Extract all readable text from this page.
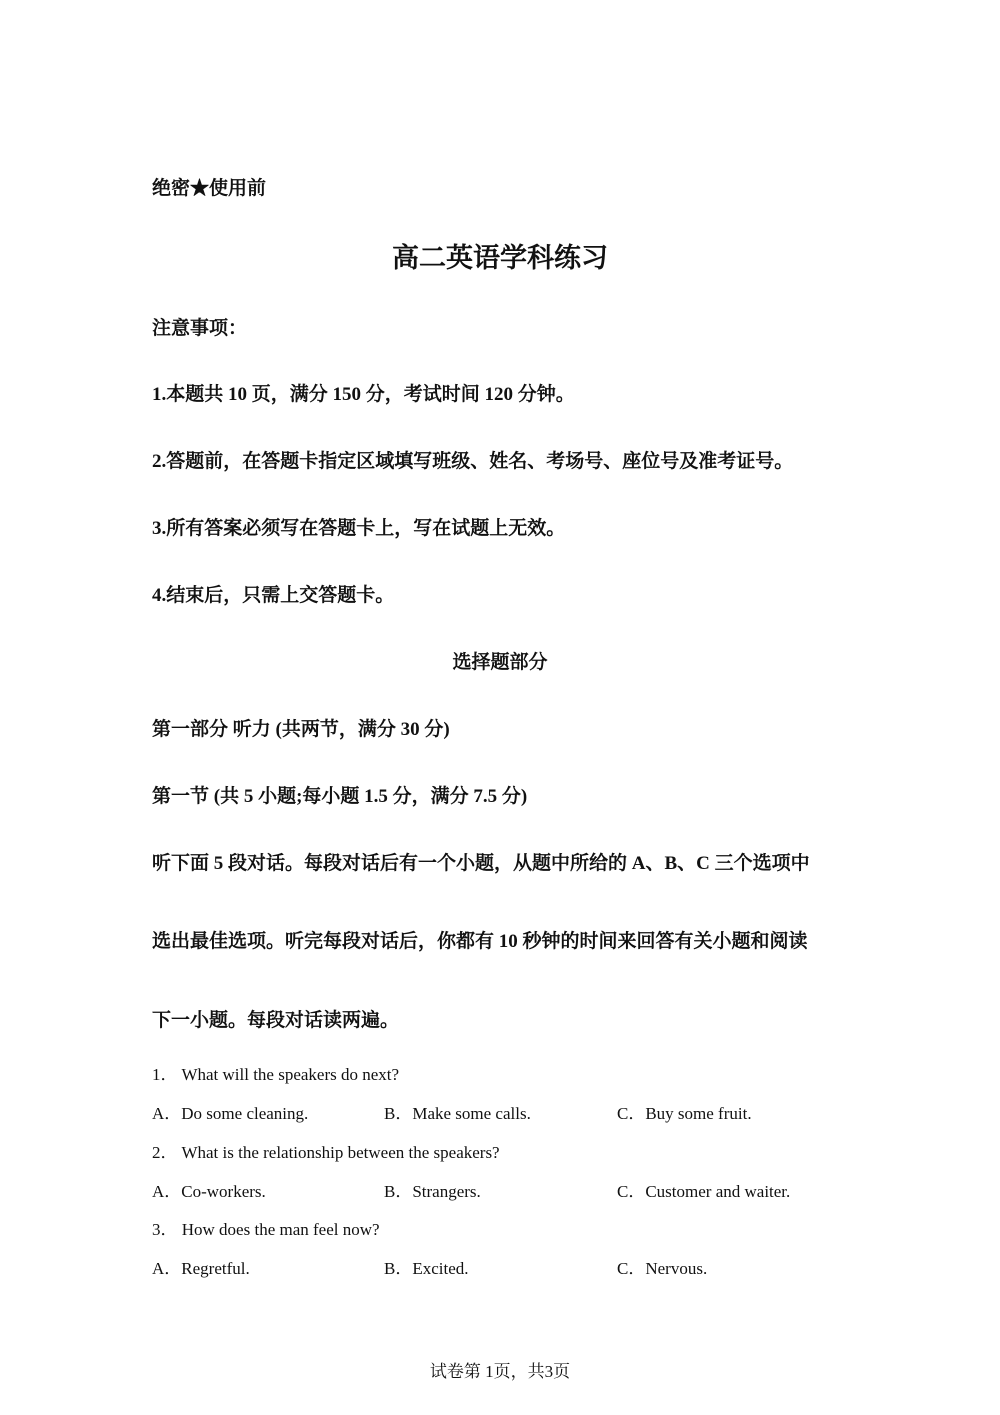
绝密★使用前
高二英语学科练习
注意事项：
1.本题共 10 页，满分 150 分，考试时间 120 分钟。
2.答题前，在答题卡指定区域填写班级、姓名、考场号、座位号及准考证号。
3.所有答案必须写在答题卡上，写在试题上无效。
4.结束后，只需上交答题卡。
选择题部分
第一部分 听力 (共两节，满分 30 分)
第一节 (共 5 小题;每小题 1.5 分，满分 7.5 分)
听下面 5 段对话。每段对话后有一个小题，从题中所给的 A、B、C 三个选项中
选出最佳选项。听完每段对话后，你都有 10 秒钟的时间来回答有关小题和阅读
下一小题。每段对话读两遍。
1． What will the speakers do next?
A．Do some cleaning.	B．Make some calls.	C．Buy some fruit.
2． What is the relationship between the speakers?
A．Co-workers.	B．Strangers.	C．Customer and waiter.
3． How does the man feel now?
A．Regretful.	B．Excited.	C．Nervous.
试卷第 1页，共3页
